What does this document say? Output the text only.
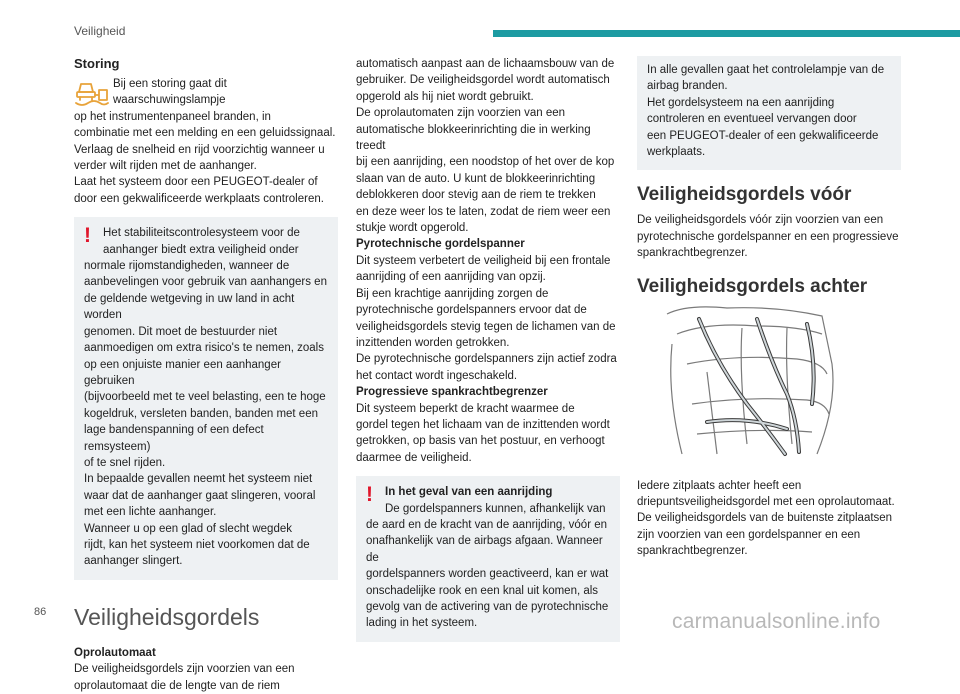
Veiligheid
Storing

Bij een storing gaat dit waarschuwingslampje

op het instrumentenpaneel branden, in

combinatie met een melding en een geluidssignaal.

Verlaag de snelheid en rijd voorzichtig wanneer u

verder wilt rijden met de aanhanger.

Laat het systeem door een PEUGEOT-dealer of

door een gekwalificeerde werkplaats controleren.

!	Het stabiliteitscontrolesysteem voor de

aanhanger biedt extra veiligheid onder

normale rijomstandigheden, wanneer de

aanbevelingen voor gebruik van aanhangers en

de geldende wetgeving in uw land in acht worden

genomen. Dit moet de bestuurder niet

aanmoedigen om extra risico's te nemen, zoals

op een onjuiste manier een aanhanger gebruiken

(bijvoorbeeld met te veel belasting, een te hoge

kogeldruk, versleten banden, banden met een

lage bandenspanning of een defect remsysteem)

of te snel rijden.

In bepaalde gevallen neemt het systeem niet

waar dat de aanhanger gaat slingeren, vooral

met een lichte aanhanger.

Wanneer u op een glad of slecht wegdek

rijdt, kan het systeem niet voorkomen dat de

aanhanger slingert.

Veiligheidsgordels

Oprolautomaat

De veiligheidsgordels zijn voorzien van een

oprolautomaat die de lengte van de riem

automatisch aanpast aan de lichaamsbouw van de

gebruiker. De veiligheidsgordel wordt automatisch

opgerold als hij niet wordt gebruikt.

De oprolautomaten zijn voorzien van een

automatische blokkeerinrichting die in werking treedt

bij een aanrijding, een noodstop of het over de kop

slaan van de auto. U kunt de blokkeerinrichting

deblokkeren door stevig aan de riem te trekken

en deze weer los te laten, zodat de riem weer een

stukje wordt opgerold.

Pyrotechnische gordelspanner

Dit systeem verbetert de veiligheid bij een frontale

aanrijding of een aanrijding van opzij.

Bij een krachtige aanrijding zorgen de

pyrotechnische gordelspanners ervoor dat de

veiligheidsgordels stevig tegen de lichamen van de

inzittenden worden getrokken.

De pyrotechnische gordelspanners zijn actief zodra

het contact wordt ingeschakeld.

Progressieve spankrachtbegrenzer

Dit systeem beperkt de kracht waarmee de

gordel tegen het lichaam van de inzittenden wordt

getrokken, op basis van het postuur, en verhoogt

daarmee de veiligheid.

!	In het geval van een aanrijding

De gordelspanners kunnen, afhankelijk van

de aard en de kracht van de aanrijding, vóór en

onafhankelijk van de airbags afgaan. Wanneer de

gordelspanners worden geactiveerd, kan er wat

onschadelijke rook en een knal uit komen, als

gevolg van de activering van de pyrotechnische

lading in het systeem.

In alle gevallen gaat het controlelampje van de

airbag branden.

Het gordelsysteem na een aanrijding

controleren en eventueel vervangen door

een PEUGEOT-dealer of een gekwalificeerde

werkplaats.

Veiligheidsgordels vóór

De veiligheidsgordels vóór zijn voorzien van een

pyrotechnische gordelspanner en een progressieve

spankrachtbegrenzer.

Veiligheidsgordels achter

Iedere zitplaats achter heeft een

driepuntsveiligheidsgordel met een oprolautomaat.

De veiligheidsgordels van de buitenste zitplaatsen

zijn voorzien van een gordelspanner en een

spankrachtbegrenzer.

86	carmanualsonline.info
